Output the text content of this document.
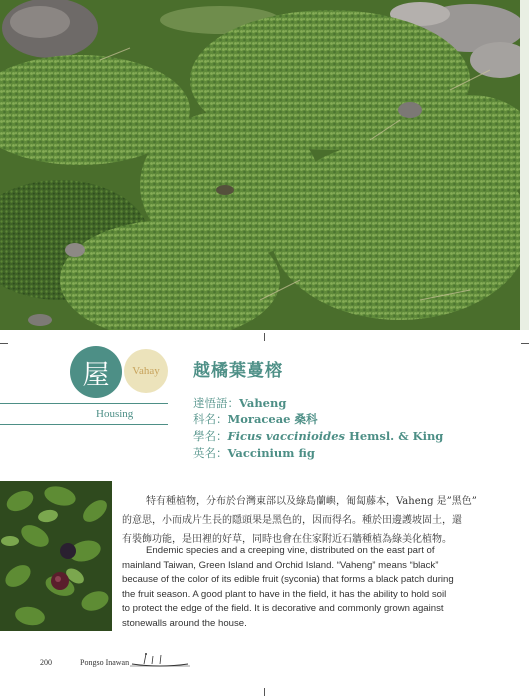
屋	Vahay
Housing
越橘葉蔓榕
達悟語：Vaheng
科名：Moraceae 桑科
學名：Ficus vaccinioides Hemsl. & King
英名：Vaccinium fig
特有種植物，分布於台灣東部以及綠島蘭嶼，匍匐藤本，Vaheng 是”黑色”
的意思，小而成片生長的隱頭果是黑色的，因而得名。種於田邊護坡固土，還
有裝飾功能，是田裡的好草，同時也會在住家附近石牆種植為綠美化植物。
Endemic species and a creeping vine, distributed on the east part of
mainland Taiwan, Green Island and Orchid Island. “Vaheng” means “black”
because of the color of its edible fruit (syconia) that forms a black patch during
the fruit season. A good plant to have in the field, it has the ability to hold soil
to protect the edge of the field. It is decorative and commonly grown against
stonewalls around the house.
200	Pongso Inawan
